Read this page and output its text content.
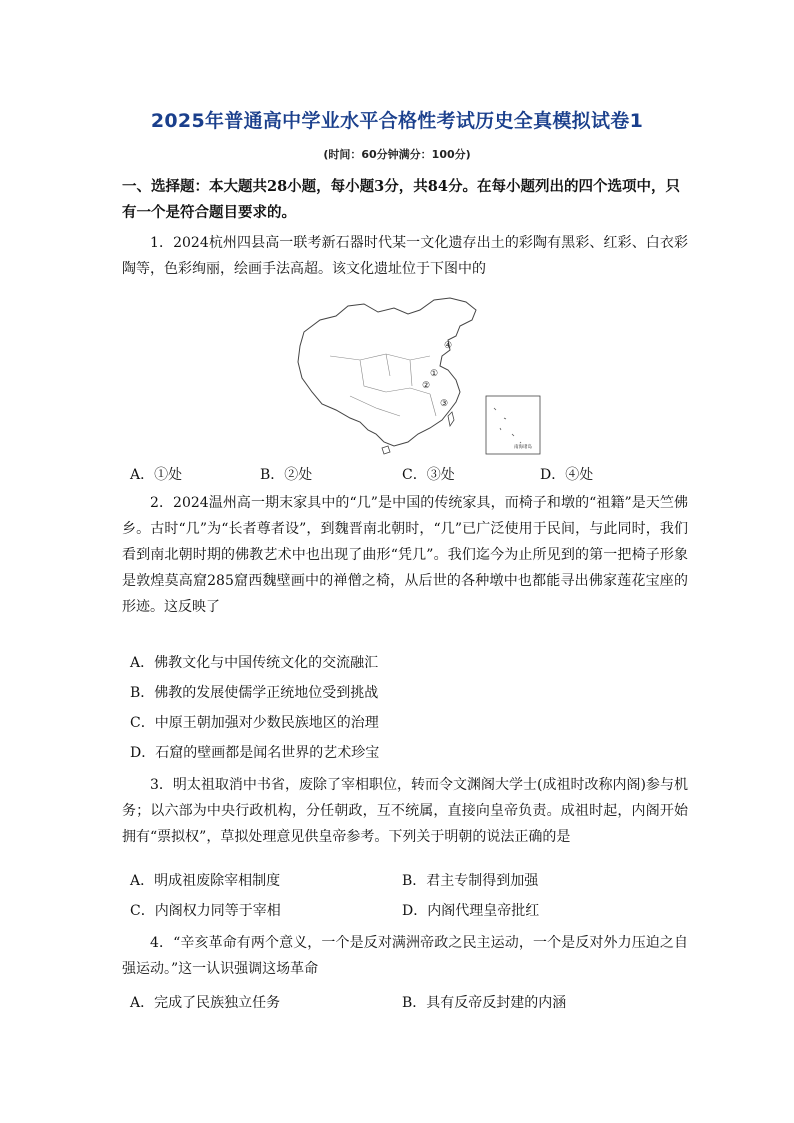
2025年普通高中学业水平合格性考试历史全真模拟试卷1
(时间：60分钟满分：100分)
一、选择题：本大题共28小题，每小题3分，共84分。在每小题列出的四个选项中，只有一个是符合题目要求的。
1．2024杭州四县高一联考新石器时代某一文化遗存出土的彩陶有黑彩、红彩、白衣彩陶等，色彩绚丽，绘画手法高超。该文化遗址位于下图中的
④
①
②
③
南海诸岛
A．①处	B．②处	C．③处	D．④处
2．2024温州高一期末家具中的“几”是中国的传统家具，而椅子和墩的“祖籍”是天竺佛乡。古时“几”为“长者尊者设”，到魏晋南北朝时，“几”已广泛使用于民间，与此同时，我们看到南北朝时期的佛教艺术中也出现了曲形“凭几”。我们迄今为止所见到的第一把椅子形象是敦煌莫高窟285窟西魏壁画中的禅僧之椅，从后世的各种墩中也都能寻出佛家莲花宝座的形迹。这反映了
A．佛教文化与中国传统文化的交流融汇
B．佛教的发展使儒学正统地位受到挑战
C．中原王朝加强对少数民族地区的治理
D．石窟的壁画都是闻名世界的艺术珍宝
3．明太祖取消中书省，废除了宰相职位，转而令文渊阁大学士(成祖时改称内阁)参与机务；以六部为中央行政机构，分任朝政，互不统属，直接向皇帝负责。成祖时起，内阁开始拥有“票拟权”，草拟处理意见供皇帝参考。下列关于明朝的说法正确的是
A．明成祖废除宰相制度	B．君主专制得到加强
C．内阁权力同等于宰相	D．内阁代理皇帝批红
4．“辛亥革命有两个意义，一个是反对满洲帝政之民主运动，一个是反对外力压迫之自强运动。”这一认识强调这场革命
A．完成了民族独立任务	B．具有反帝反封建的内涵
